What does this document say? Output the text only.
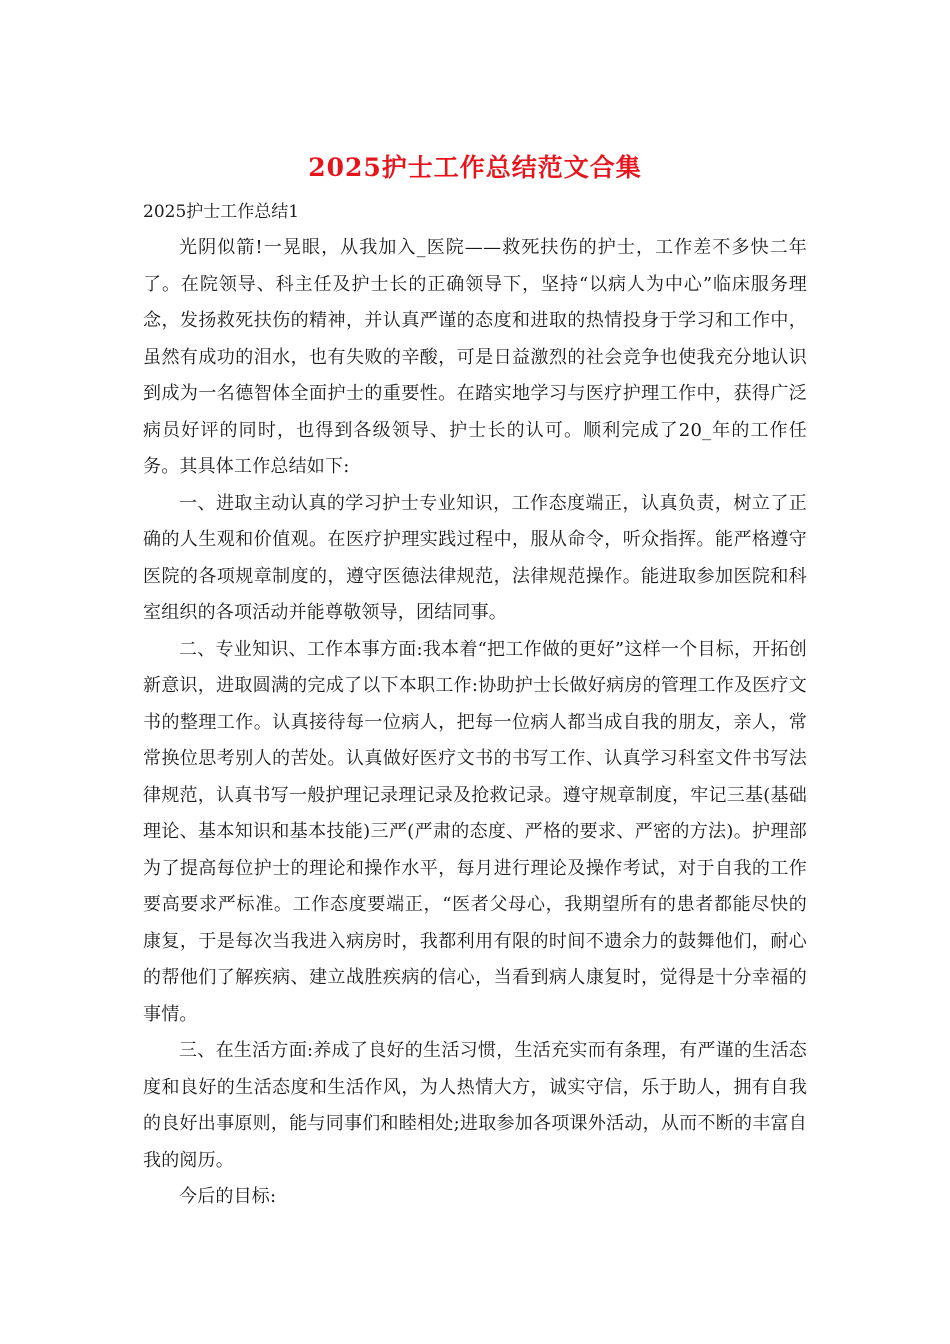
2025护士工作总结范文合集
2025护士工作总结1

光阴似箭!一晃眼，从我加入_医院——救死扶伤的护士，工作差不多快二年了。在院领导、科主任及护士长的正确领导下，坚持“以病人为中心”临床服务理念，发扬救死扶伤的精神，并认真严谨的态度和进取的热情投身于学习和工作中，虽然有成功的泪水，也有失败的辛酸，可是日益激烈的社会竞争也使我充分地认识到成为一名德智体全面护士的重要性。在踏实地学习与医疗护理工作中，获得广泛病员好评的同时，也得到各级领导、护士长的认可。顺利完成了20_年的工作任务。其具体工作总结如下:

一、进取主动认真的学习护士专业知识，工作态度端正，认真负责，树立了正确的人生观和价值观。在医疗护理实践过程中，服从命令，听众指挥。能严格遵守医院的各项规章制度的，遵守医德法律规范，法律规范操作。能进取参加医院和科室组织的各项活动并能尊敬领导，团结同事。

二、专业知识、工作本事方面:我本着“把工作做的更好”这样一个目标，开拓创新意识，进取圆满的完成了以下本职工作:协助护士长做好病房的管理工作及医疗文书的整理工作。认真接待每一位病人，把每一位病人都当成自我的朋友，亲人，常常换位思考别人的苦处。认真做好医疗文书的书写工作、认真学习科室文件书写法律规范，认真书写一般护理记录理记录及抢救记录。遵守规章制度，牢记三基(基础理论、基本知识和基本技能)三严(严肃的态度、严格的要求、严密的方法)。护理部为了提高每位护士的理论和操作水平，每月进行理论及操作考试，对于自我的工作要高要求严标准。工作态度要端正，“医者父母心，我期望所有的患者都能尽快的康复，于是每次当我进入病房时，我都利用有限的时间不遗余力的鼓舞他们，耐心的帮他们了解疾病、建立战胜疾病的信心，当看到病人康复时，觉得是十分幸福的事情。

三、在生活方面:养成了良好的生活习惯，生活充实而有条理，有严谨的生活态度和良好的生活态度和生活作风，为人热情大方，诚实守信，乐于助人，拥有自我的良好出事原则，能与同事们和睦相处;进取参加各项课外活动，从而不断的丰富自我的阅历。

今后的目标:
